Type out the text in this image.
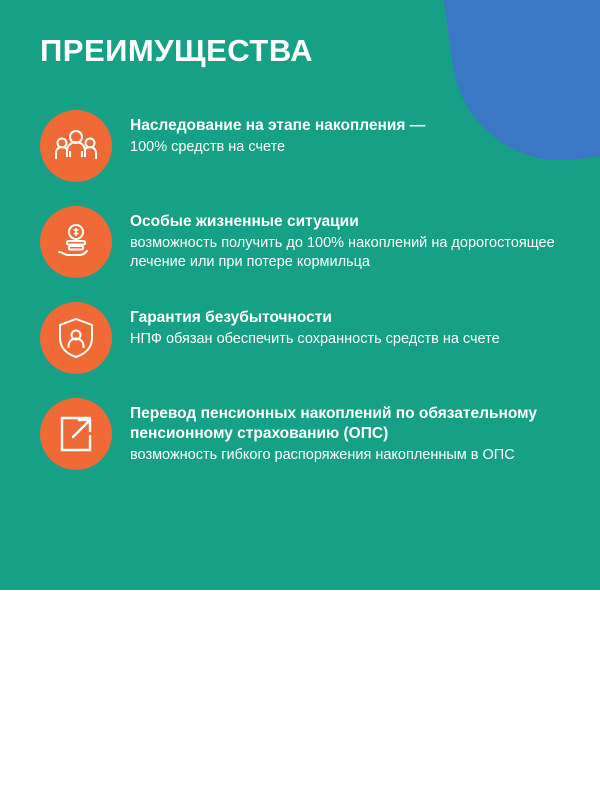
ПРЕИМУЩЕСТВА

Наследование на этапе накопления —

100% средств на счете

Особые жизненные ситуации

возможность получить до 100% накоплений на дорогостоящее лечение или при потере кормильца

Гарантия безубыточности

НПФ обязан обеспечить сохранность средств на счете

Перевод пенсионных накоплений по обязательному пенсионному страхованию (ОПС)

возможность гибкого распоряжения накопленным в ОПС
